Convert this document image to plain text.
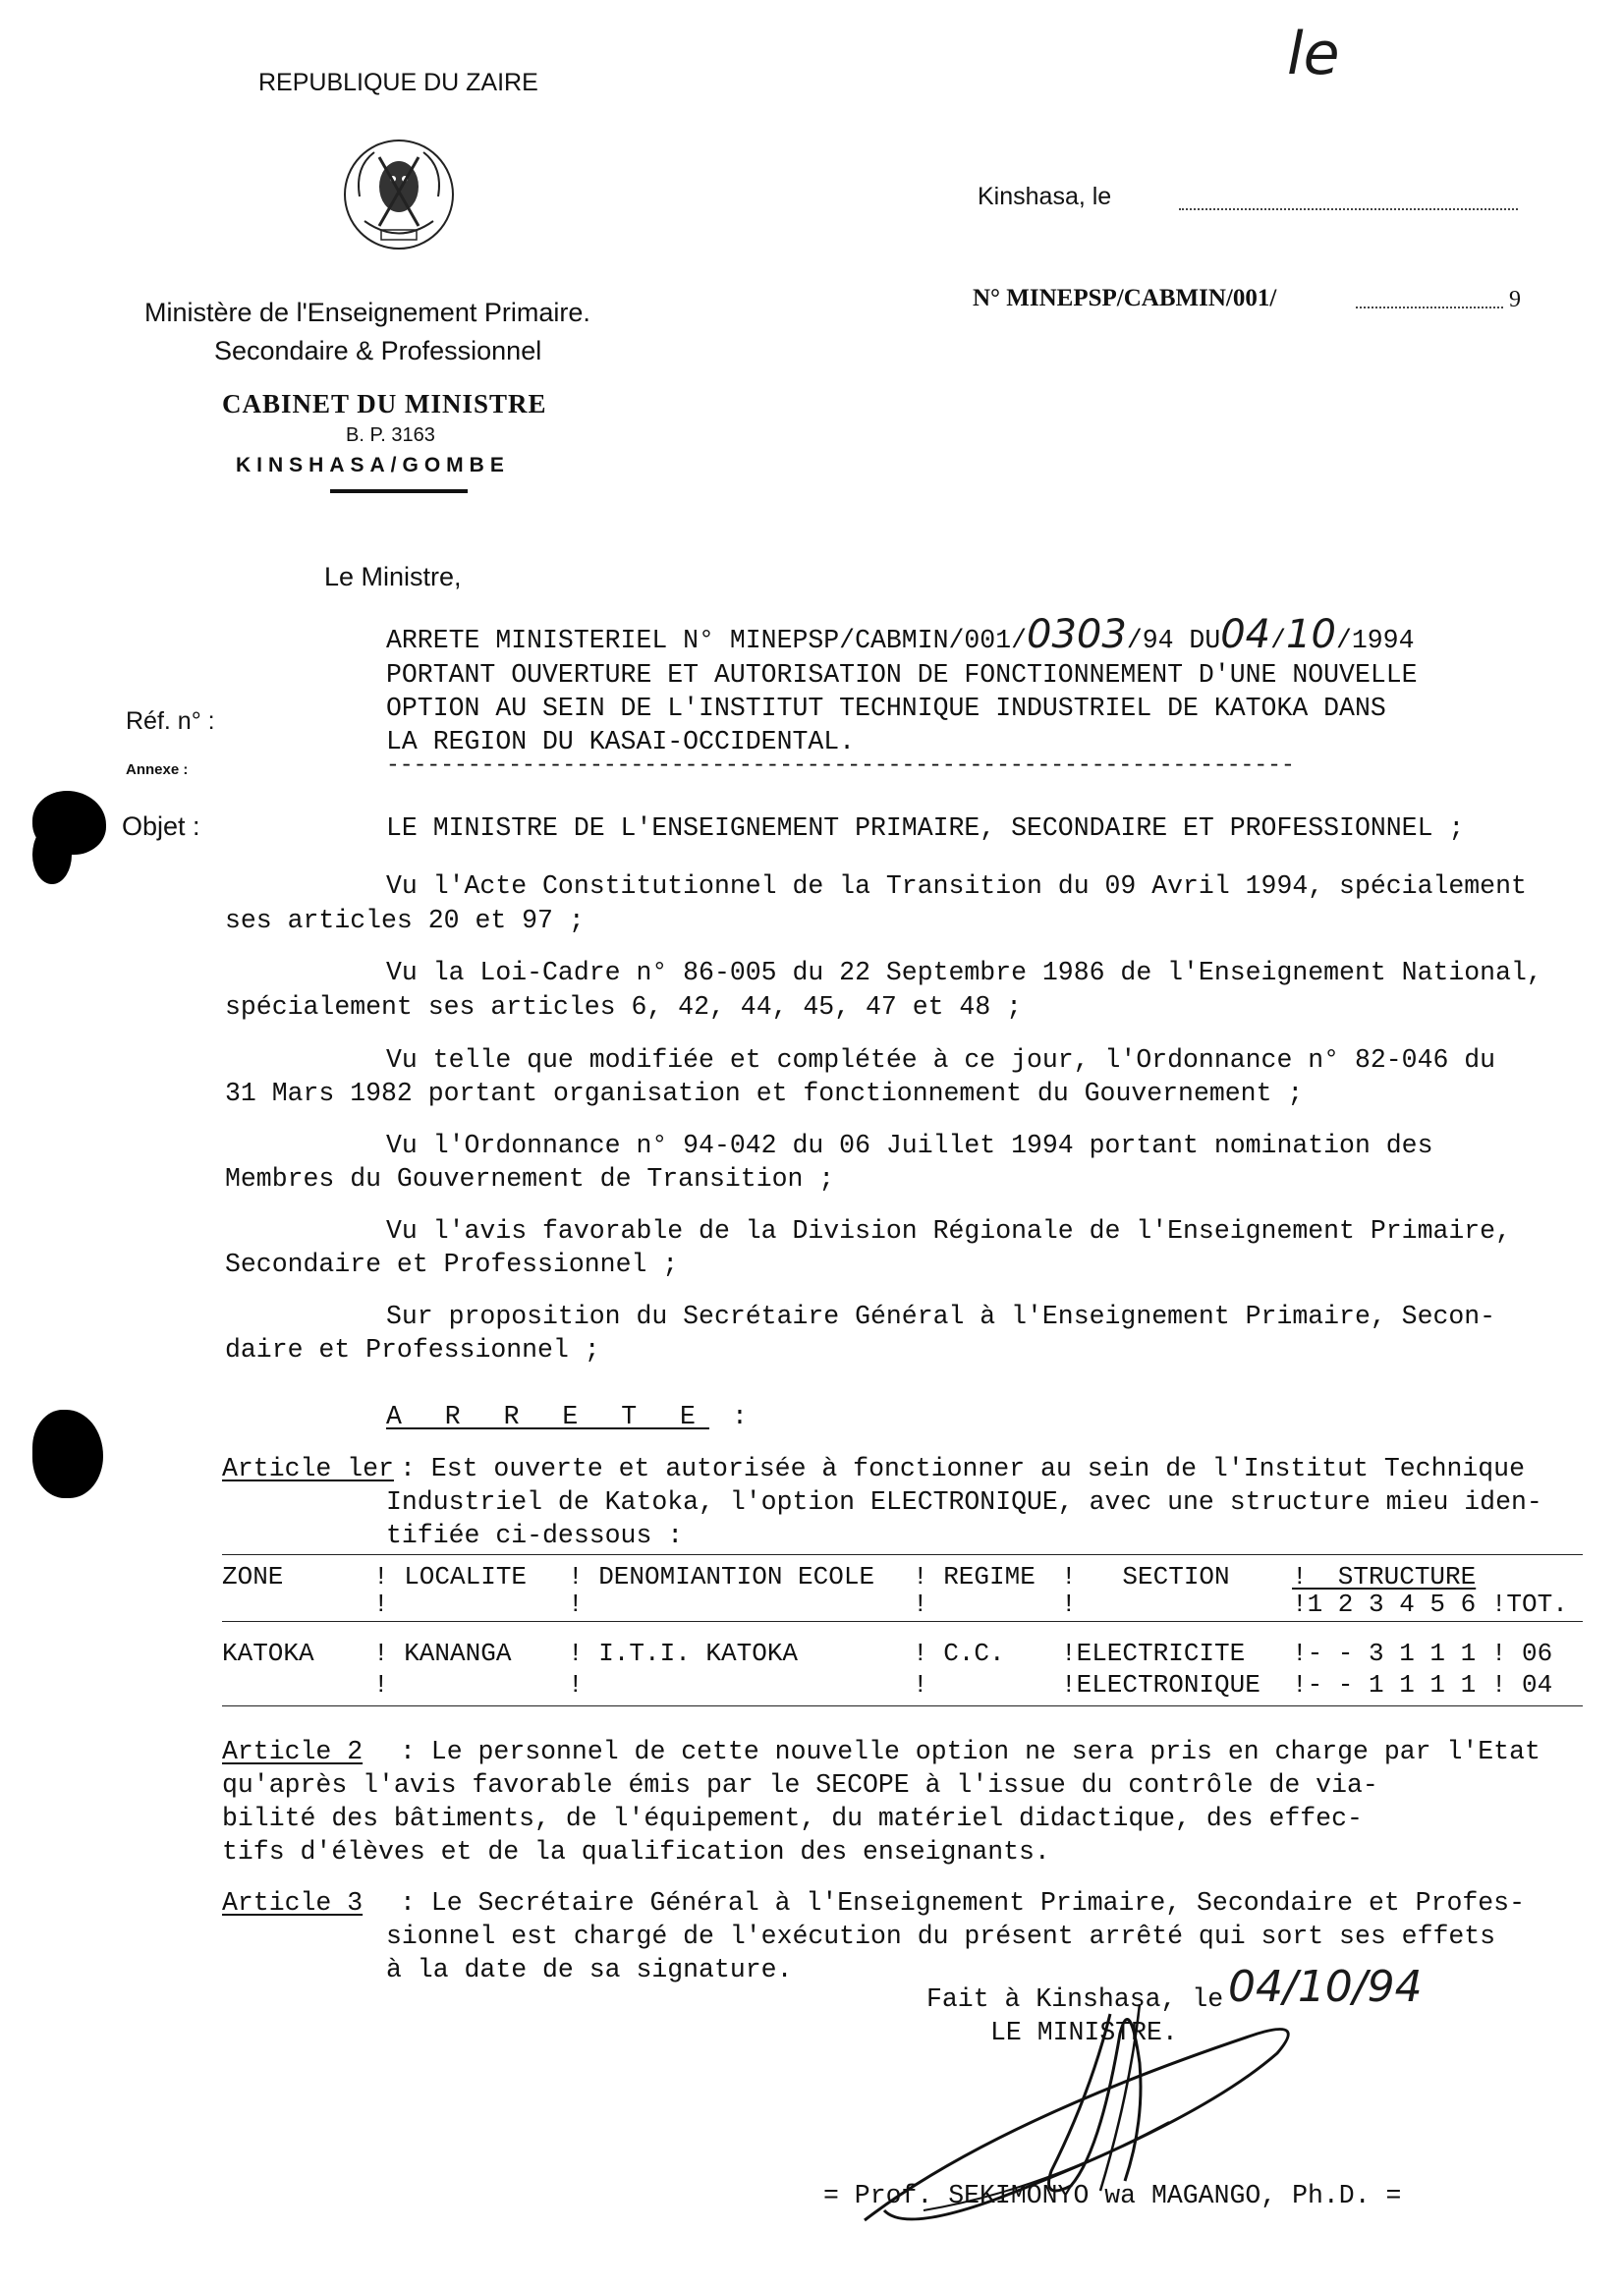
REPUBLIQUE DU ZAIRE
Ministère de l'Enseignement Primaire.
Secondaire & Professionnel
CABINET DU MINISTRE
B. P. 3163
KINSHASA/GOMBE
le
Kinshasa, le
N° MINEPSP/CABMIN/001/	9
Le Ministre,
Réf. n° :
Annexe :
Objet :
ARRETE MINISTERIEL N° MINEPSP/CABMIN/001/0303/94 DU04/10/1994
PORTANT OUVERTURE ET AUTORISATION DE FONCTIONNEMENT D'UNE NOUVELLE
OPTION AU SEIN DE L'INSTITUT TECHNIQUE INDUSTRIEL DE KATOKA DANS
LA REGION DU KASAI-OCCIDENTAL.
-------------------------------------------------------------------
LE MINISTRE DE L'ENSEIGNEMENT PRIMAIRE, SECONDAIRE ET PROFESSIONNEL ;
Vu l'Acte Constitutionnel de la Transition du 09 Avril 1994, spécialement
ses articles 20 et 97 ;
Vu la Loi-Cadre n° 86-005 du 22 Septembre 1986 de l'Enseignement National,
spécialement ses articles 6, 42, 44, 45, 47 et 48 ;
Vu telle que modifiée et complétée à ce jour, l'Ordonnance n° 82-046 du
31 Mars 1982 portant organisation et fonctionnement du Gouvernement ;
Vu l'Ordonnance n° 94-042 du 06 Juillet 1994 portant nomination des
Membres du Gouvernement de Transition ;
Vu l'avis favorable de la Division Régionale de l'Enseignement Primaire,
Secondaire et Professionnel ;
Sur proposition du Secrétaire Général à l'Enseignement Primaire, Secon-
daire et Professionnel ;
A R R E T E :
Article ler : Est ouverte et autorisée à fonctionner au sein de l'Institut Technique
Industriel de Katoka, l'option ELECTRONIQUE, avec une structure mieu iden-
tifiée ci-dessous :
ZONE	! LOCALITE ! DENOMIANTION ECOLE ! REGIME !   SECTION !  STRUCTURE
!	!	!	!	!1 2 3 4 5 6 !TOT.
KATOKA ! KANANGA ! I.T.I. KATOKA	! C.C. !ELECTRICITE !- - 3 1 1 1 ! 06
!	!	!	!ELECTRONIQUE !- - 1 1 1 1 ! 04
Article 2 : Le personnel de cette nouvelle option ne sera pris en charge par l'Etat
qu'après l'avis favorable émis par le SECOPE à l'issue du contrôle de via-
bilité des bâtiments, de l'équipement, du matériel didactique, des effec-
tifs d'élèves et de la qualification des enseignants.
Article 3 : Le Secrétaire Général à l'Enseignement Primaire, Secondaire et Profes-
sionnel est chargé de l'exécution du présent arrêté qui sort ses effets
à la date de sa signature.
Fait à Kinshasa, le 04/10/94
LE MINISTRE.
= Prof. SEKIMONYO wa MAGANGO, Ph.D. =
